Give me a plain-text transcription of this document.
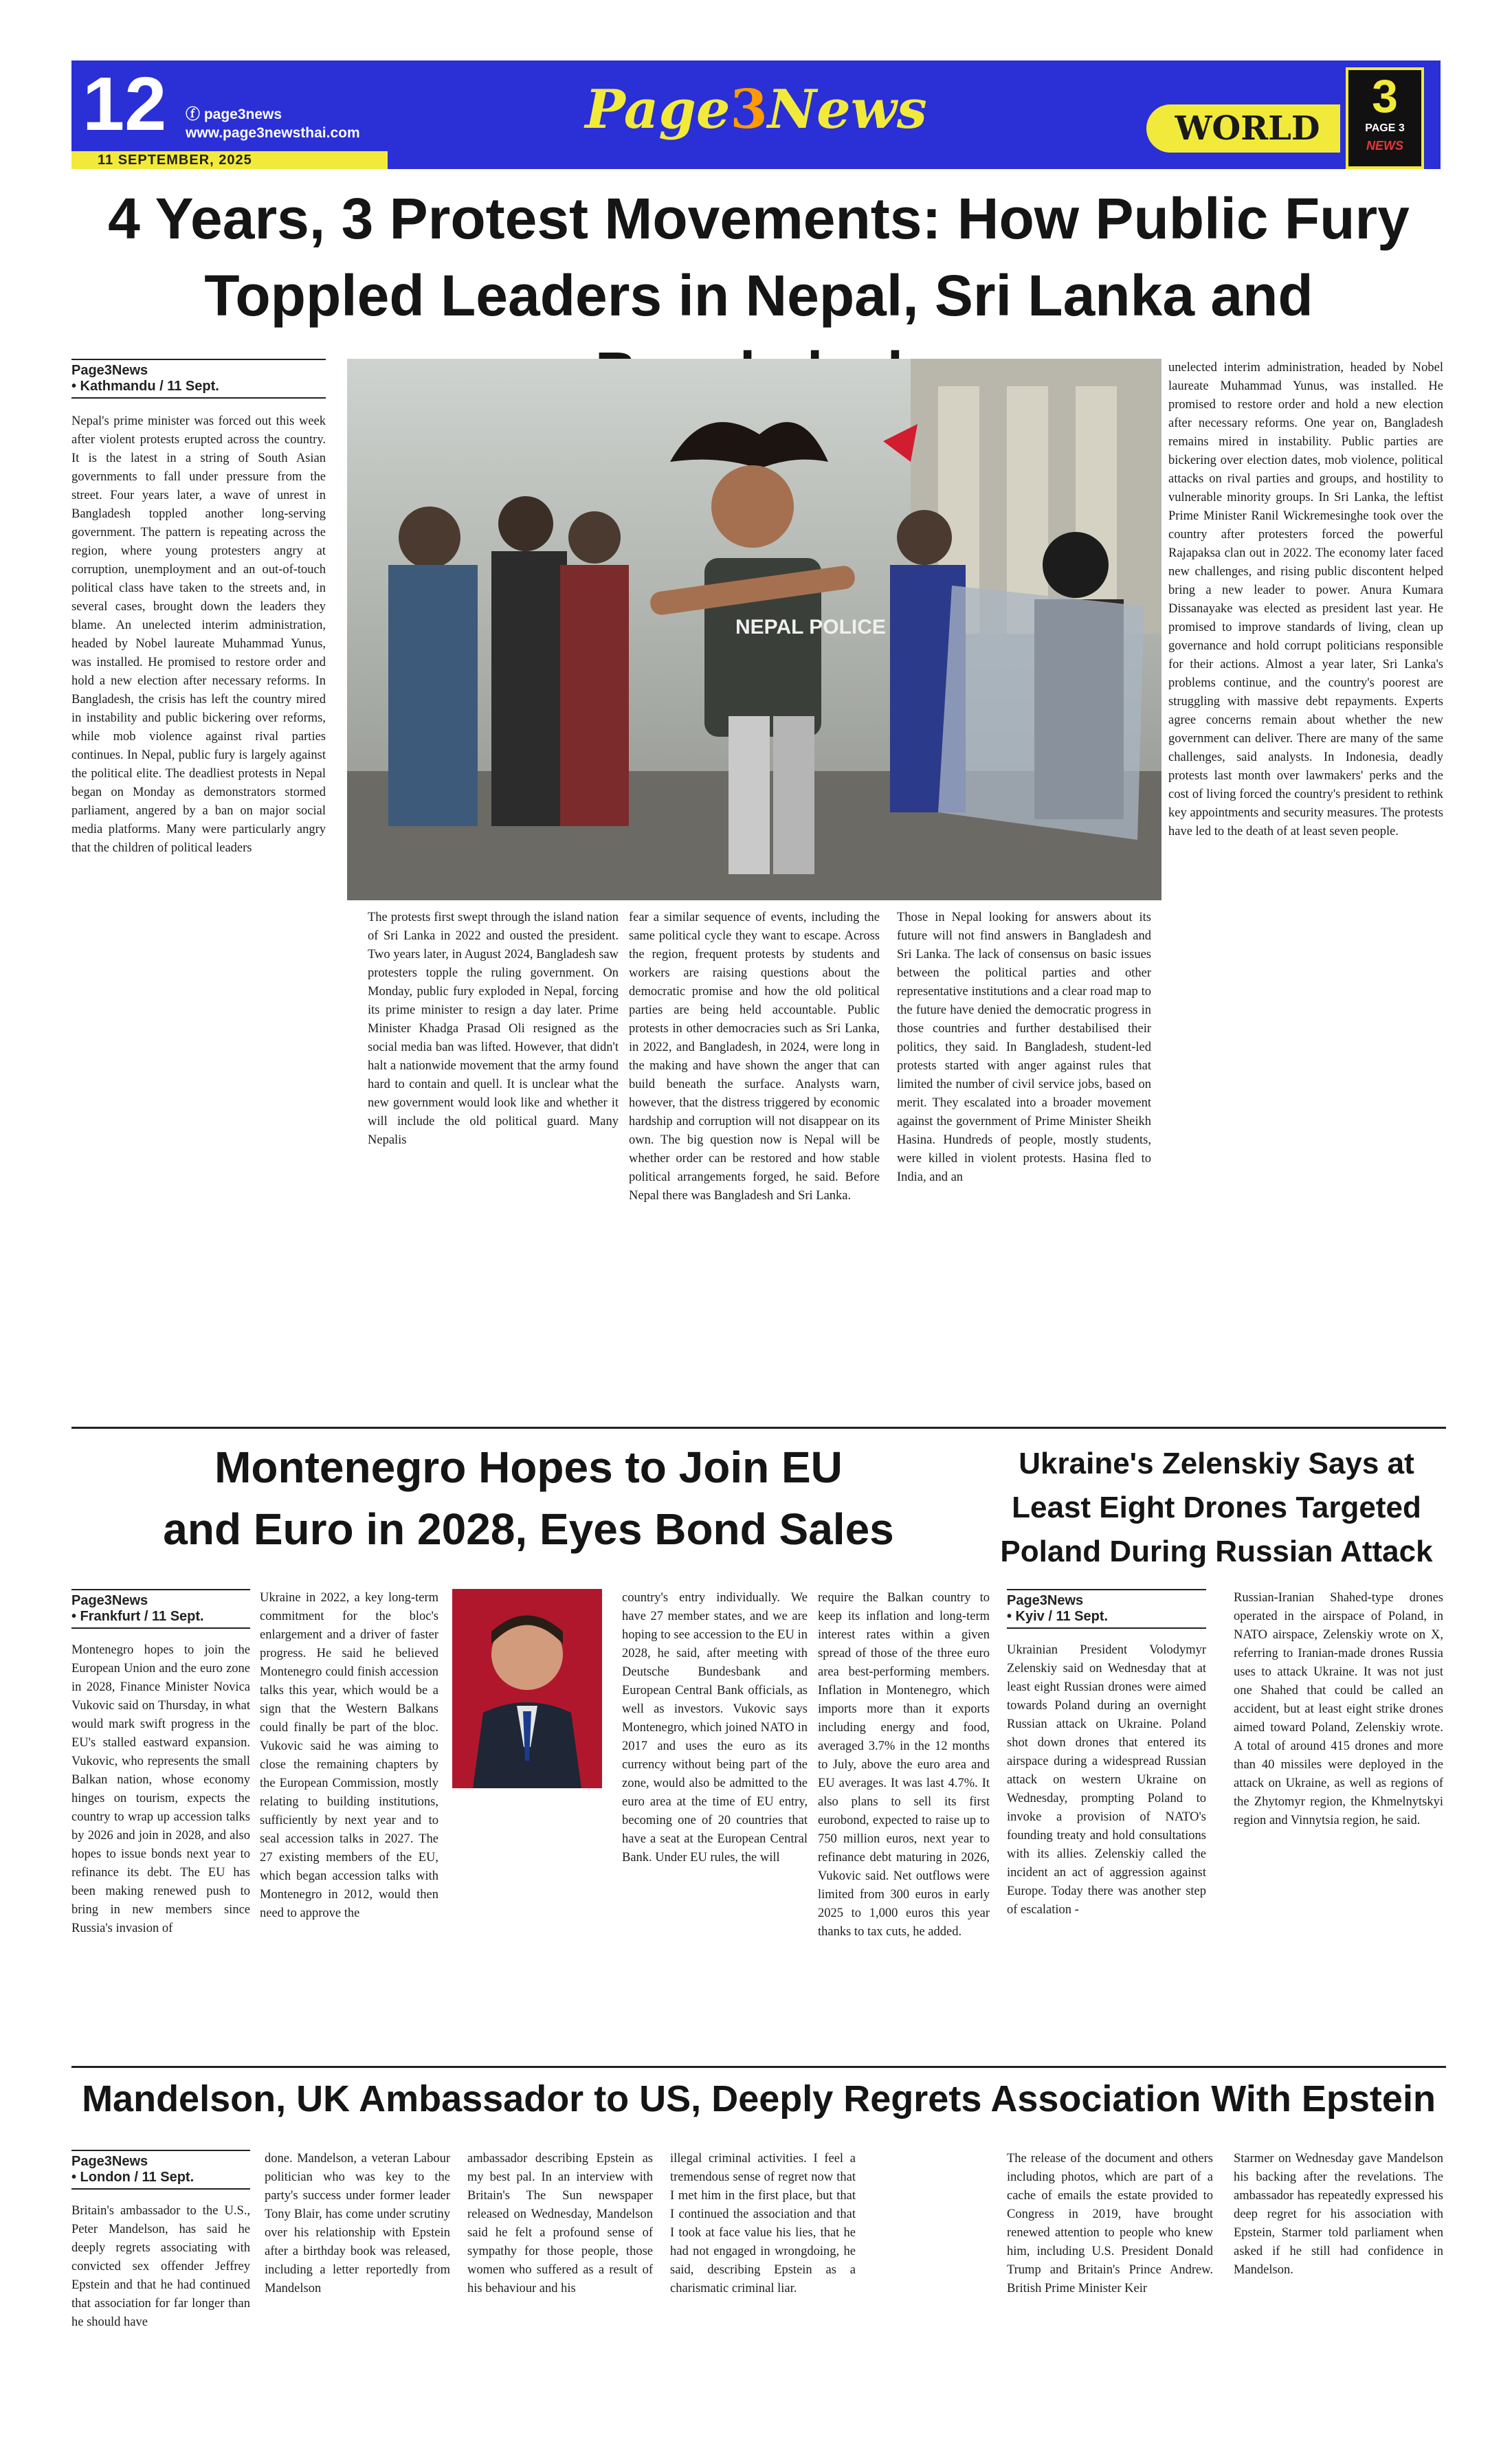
12 ⓕ page3news
www.page3newsthai.com
11 SEPTEMBER, 2025
Page3News	WORLD
3
PAGE 3
NEWS
4 Years, 3 Protest Movements: How Public Fury
Toppled Leaders in Nepal, Sri Lanka and
Page3News
• Kathmandu / 11 Sept.

Nepal's prime minister was forced out this week after violent protests erupted across the country. It is the latest in a string of South Asian governments to fall under pressure from the street. Four years later, a wave of unrest in Bangladesh toppled another long-serving government. The pattern is repeating across the region, where young protesters angry at corruption, unemployment and an out-of-touch political class have taken to the streets and, in several cases, brought down the leaders they blame. An unelected interim administration, headed by Nobel laureate Muhammad Yunus, was installed. He promised to restore order and hold a new election after necessary reforms. In Bangladesh, the crisis has left the country mired in instability and public bickering over reforms, while mob violence against rival parties continues. In Nepal, public fury is largely against the political elite. The deadliest protests in Nepal began on Monday as demonstrators stormed parliament, angered by a ban on major social media platforms. Many were particularly angry that the children of political leaders

NEPAL POLICE

The protests first swept through the island nation of Sri Lanka in 2022 and ousted the president. Two years later, in August 2024, Bangladesh saw protesters topple the ruling government. On Monday, public fury exploded in Nepal, forcing its prime minister to resign a day later. Prime Minister Khadga Prasad Oli resigned as the social media ban was lifted. However, that didn't halt a nationwide movement that the army found hard to contain and quell. It is unclear what the new government would look like and whether it will include the old political guard. Many Nepalis

fear a similar sequence of events, including the same political cycle they want to escape. Across the region, frequent protests by students and workers are raising questions about the democratic promise and how the old political parties are being held accountable. Public protests in other democracies such as Sri Lanka, in 2022, and Bangladesh, in 2024, were long in the making and have shown the anger that can build beneath the surface. Analysts warn, however, that the distress triggered by economic hardship and corruption will not disappear on its own. The big question now is Nepal will be whether order can be restored and how stable political arrangements forged, he said. Before Nepal there was Bangladesh and Sri Lanka.

Those in Nepal looking for answers about its future will not find answers in Bangladesh and Sri Lanka. The lack of consensus on basic issues between the political parties and other representative institutions and a clear road map to the future have denied the democratic progress in those countries and further destabilised their politics, they said. In Bangladesh, student-led protests started with anger against rules that limited the number of civil service jobs, based on merit. They escalated into a broader movement against the government of Prime Minister Sheikh Hasina. Hundreds of people, mostly students, were killed in violent protests. Hasina fled to India, and an

unelected interim administration, headed by Nobel laureate Muhammad Yunus, was installed. He promised to restore order and hold a new election after necessary reforms. One year on, Bangladesh remains mired in instability. Public parties are bickering over election dates, mob violence, political attacks on rival parties and groups, and hostility to vulnerable minority groups. In Sri Lanka, the leftist Prime Minister Ranil Wickremesinghe took over the country after protesters forced the powerful Rajapaksa clan out in 2022. The economy later faced new challenges, and rising public discontent helped bring a new leader to power. Anura Kumara Dissanayake was elected as president last year. He promised to improve standards of living, clean up governance and hold corrupt politicians responsible for their actions. Almost a year later, Sri Lanka's problems continue, and the country's poorest are struggling with massive debt repayments. Experts agree concerns remain about whether the new government can deliver. There are many of the same challenges, said analysts. In Indonesia, deadly protests last month over lawmakers' perks and the cost of living forced the country's president to rethink key appointments and security measures. The protests have led to the death of at least seven people.

Montenegro Hopes to Join EU
and Euro in 2028, Eyes Bond Sales
Page3News
• Frankfurt / 11 Sept.

Montenegro hopes to join the European Union and the euro zone in 2028, Finance Minister Novica Vukovic said on Thursday, in what would mark swift progress in the EU's stalled eastward expansion. Vukovic, who represents the small Balkan nation, whose economy hinges on tourism, expects the country to wrap up accession talks by 2026 and join in 2028, and also hopes to issue bonds next year to refinance its debt. The EU has been making renewed push to bring in new members since Russia's invasion of

Ukraine in 2022, a key long-term commitment for the bloc's enlargement and a driver of faster progress. He said he believed Montenegro could finish accession talks this year, which would be a sign that the Western Balkans could finally be part of the bloc. Vukovic said he was aiming to close the remaining chapters by the European Commission, mostly relating to building institutions, sufficiently by next year and to seal accession talks in 2027. The 27 existing members of the EU, which began accession talks with Montenegro in 2012, would then need to approve the

country's entry individually. We have 27 member states, and we are hoping to see accession to the EU in 2028, he said, after meeting with Deutsche Bundesbank and European Central Bank officials, as well as investors. Vukovic says Montenegro, which joined NATO in 2017 and uses the euro as its currency without being part of the zone, would also be admitted to the euro area at the time of EU entry, becoming one of 20 countries that have a seat at the European Central Bank. Under EU rules, the will

require the Balkan country to keep its inflation and long-term interest rates within a given spread of those of the three euro area best-performing members. Inflation in Montenegro, which imports more than it exports including energy and food, averaged 3.7% in the 12 months to July, above the euro area and EU averages. It was last 4.7%. It also plans to sell its first eurobond, expected to raise up to 750 million euros, next year to refinance debt maturing in 2026, Vukovic said. Net outflows were limited from 300 euros in early 2025 to 1,000 euros this year thanks to tax cuts, he added.

Ukraine's Zelenskiy Says at
Least Eight Drones Targeted
Poland During Russian Attack
Page3News
• Kyiv / 11 Sept.

Ukrainian President Volodymyr Zelenskiy said on Wednesday that at least eight Russian drones were aimed towards Poland during an overnight Russian attack on Ukraine. Poland shot down drones that entered its airspace during a widespread Russian attack on western Ukraine on Wednesday, prompting Poland to invoke a provision of NATO's founding treaty and hold consultations with its allies. Zelenskiy called the incident an act of aggression against Europe. Today there was another step of escalation -

Russian-Iranian Shahed-type drones operated in the airspace of Poland, in NATO airspace, Zelenskiy wrote on X, referring to Iranian-made drones Russia uses to attack Ukraine. It was not just one Shahed that could be called an accident, but at least eight strike drones aimed toward Poland, Zelenskiy wrote. A total of around 415 drones and more than 40 missiles were deployed in the attack on Ukraine, as well as regions of the Zhytomyr region, the Khmelnytskyi region and Vinnytsia region, he said.

Mandelson, UK Ambassador to US, Deeply Regrets Association With Epstein
Page3News
• London / 11 Sept.

Britain's ambassador to the U.S., Peter Mandelson, has said he deeply regrets associating with convicted sex offender Jeffrey Epstein and that he had continued that association for far longer than he should have

done. Mandelson, a veteran Labour politician who was key to the party's success under former leader Tony Blair, has come under scrutiny over his relationship with Epstein after a birthday book was released, including a letter reportedly from Mandelson

ambassador describing Epstein as my best pal. In an interview with Britain's The Sun newspaper released on Wednesday, Mandelson said he felt a profound sense of sympathy for those people, those women who suffered as a result of his behaviour and his

illegal criminal activities. I feel a tremendous sense of regret now that I met him in the first place, but that I continued the association and that I took at face value his lies, that he had not engaged in wrongdoing, he said, describing Epstein as a charismatic criminal liar.

The release of the document and others including photos, which are part of a cache of emails the estate provided to Congress in 2019, have brought renewed attention to people who knew him, including U.S. President Donald Trump and Britain's Prince Andrew. British Prime Minister Keir

Starmer on Wednesday gave Mandelson his backing after the revelations. The ambassador has repeatedly expressed his deep regret for his association with Epstein, Starmer told parliament when asked if he still had confidence in Mandelson.
